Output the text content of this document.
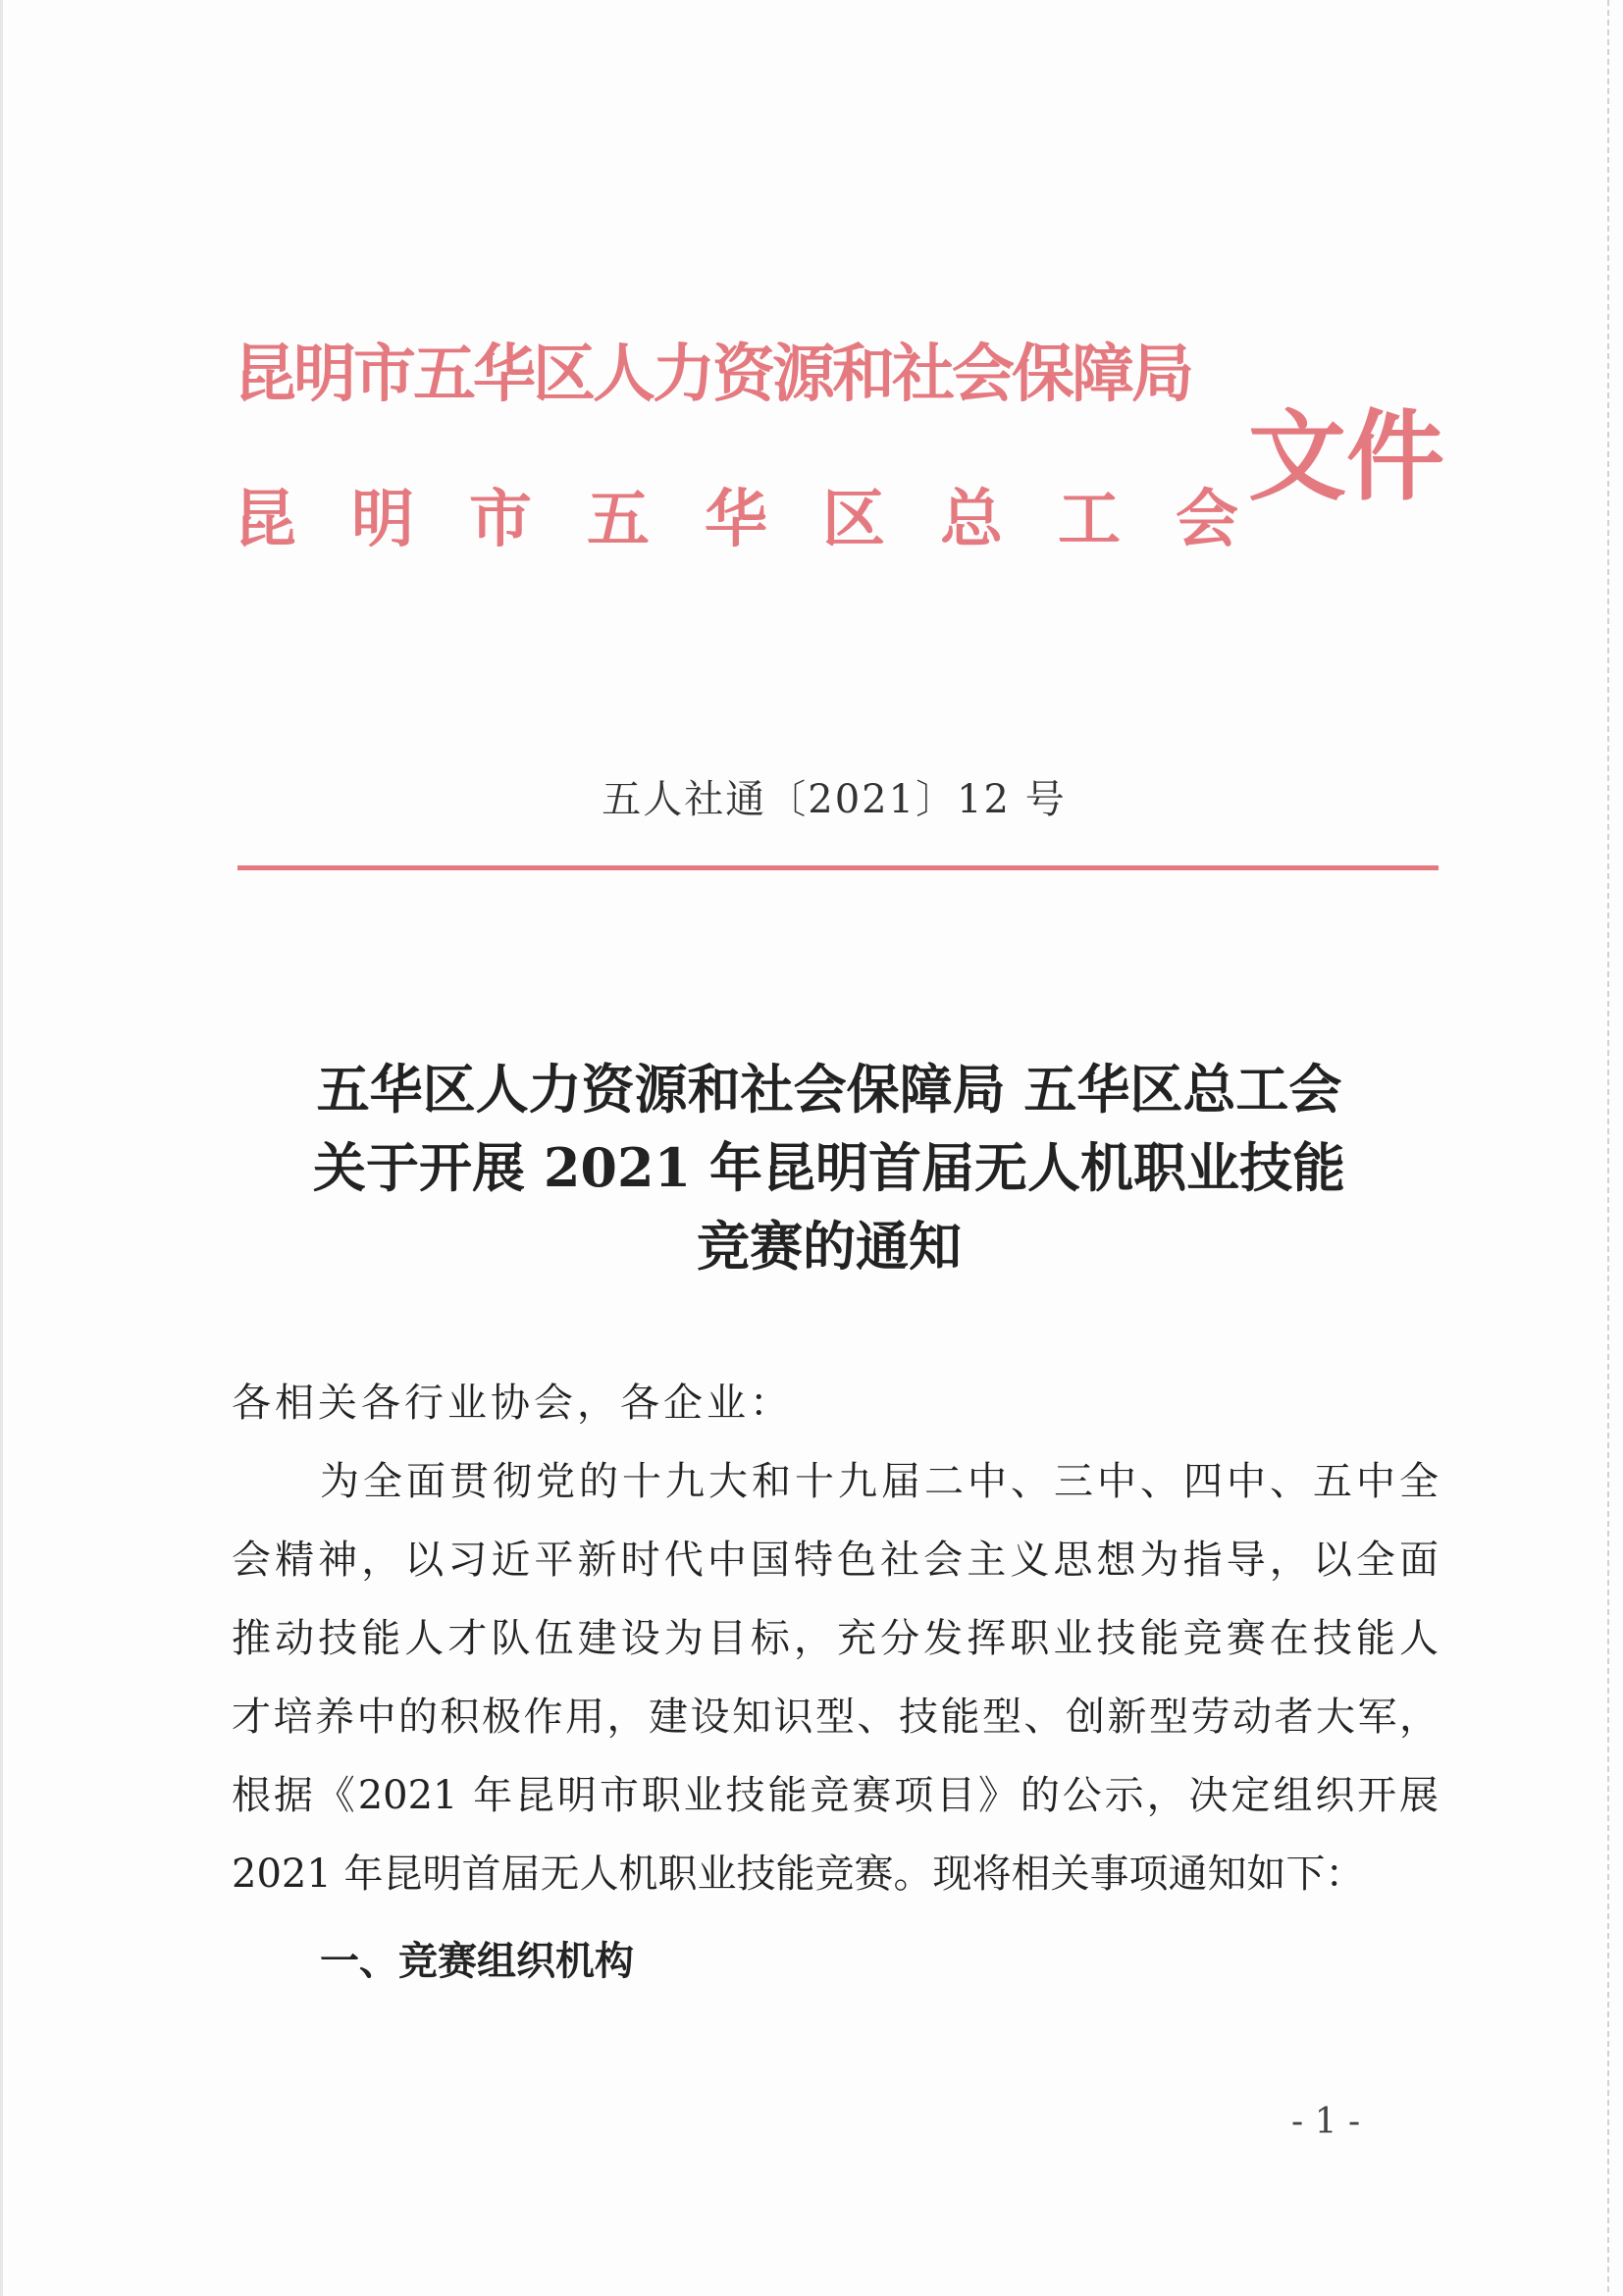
昆明市五华区人力资源和社会保障局
昆明市五华区总工会
文件
五人社通〔2021〕12 号
五华区人力资源和社会保障局 五华区总工会
关于开展 2021 年昆明首届无人机职业技能
竞赛的通知
各相关各行业协会，各企业：
为全面贯彻党的十九大和十九届二中、三中、四中、五中全
会精神，以习近平新时代中国特色社会主义思想为指导，以全面
推动技能人才队伍建设为目标，充分发挥职业技能竞赛在技能人
才培养中的积极作用，建设知识型、技能型、创新型劳动者大军，
根据《2021 年昆明市职业技能竞赛项目》的公示，决定组织开展
2021 年昆明首届无人机职业技能竞赛。现将相关事项通知如下：
一、竞赛组织机构
- 1 -
